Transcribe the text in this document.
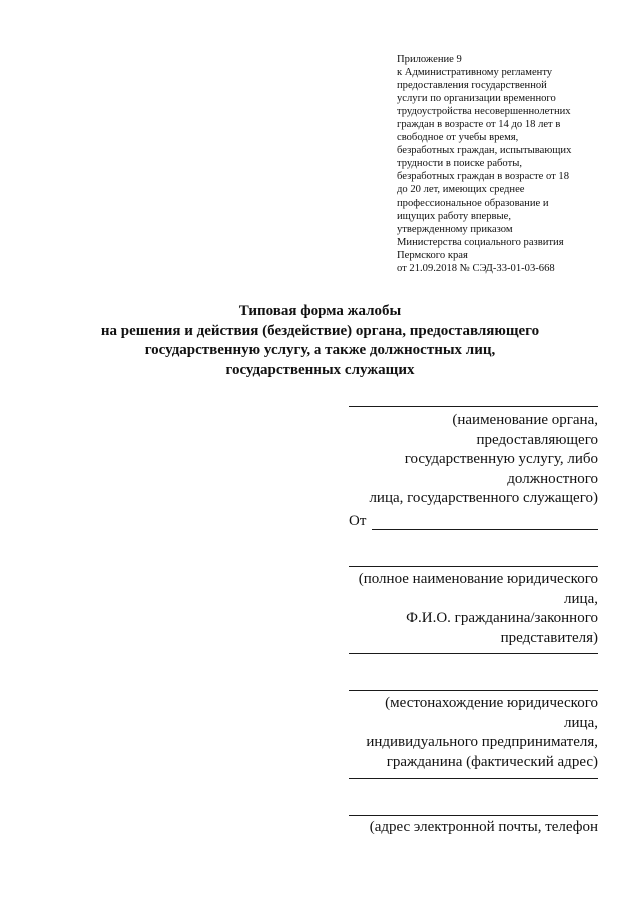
Приложение 9
к Административному регламенту
предоставления государственной
услуги по организации временного
трудоустройства несовершеннолетних
граждан в возрасте от 14 до 18 лет в
свободное от учебы время,
безработных граждан, испытывающих
трудности в поиске работы,
безработных граждан в возрасте от 18
до 20 лет, имеющих среднее
профессиональное образование и
ищущих работу впервые,
утвержденному приказом
Министерства социального развития
Пермского края
от 21.09.2018 № СЭД-33-01-03-668
Типовая форма жалобы
на решения и действия (бездействие) органа, предоставляющего
государственную услугу, а также должностных лиц,
государственных служащих
(наименование органа,
предоставляющего
государственную услугу, либо
должностного
лица, государственного служащего)
От
(полное наименование юридического
лица,
Ф.И.О. гражданина/законного
представителя)
(местонахождение юридического
лица,
индивидуального предпринимателя,
гражданина (фактический адрес)
(адрес электронной почты, телефон
